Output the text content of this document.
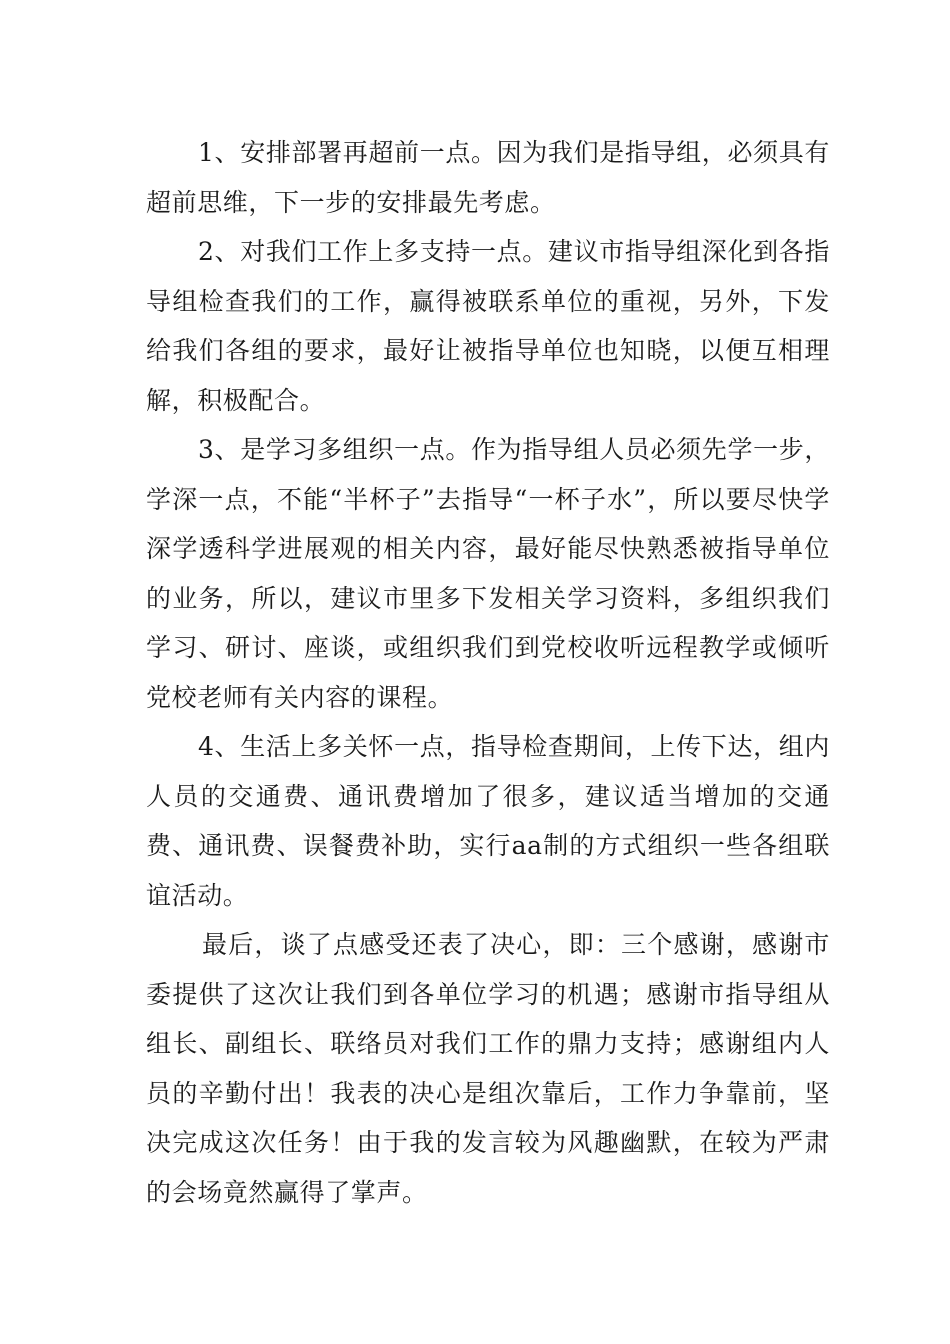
1、安排部署再超前一点。因为我们是指导组，必须具有超前思维，下一步的安排最先考虑。

2、对我们工作上多支持一点。建议市指导组深化到各指导组检查我们的工作，赢得被联系单位的重视，另外，下发给我们各组的要求，最好让被指导单位也知晓，以便互相理解，积极配合。

3、是学习多组织一点。作为指导组人员必须先学一步，学深一点，不能“半杯子”去指导“一杯子水”，所以要尽快学深学透科学进展观的相关内容，最好能尽快熟悉被指导单位的业务，所以，建议市里多下发相关学习资料，多组织我们学习、研讨、座谈，或组织我们到党校收听远程教学或倾听党校老师有关内容的课程。

4、生活上多关怀一点，指导检查期间，上传下达，组内人员的交通费、通讯费增加了很多，建议适当增加的交通费、通讯费、误餐费补助，实行aa制的方式组织一些各组联谊活动。

最后，谈了点感受还表了决心，即：三个感谢，感谢市委提供了这次让我们到各单位学习的机遇；感谢市指导组从组长、副组长、联络员对我们工作的鼎力支持；感谢组内人员的辛勤付出！我表的决心是组次靠后，工作力争靠前，坚决完成这次任务！由于我的发言较为风趣幽默，在较为严肃的会场竟然赢得了掌声。
